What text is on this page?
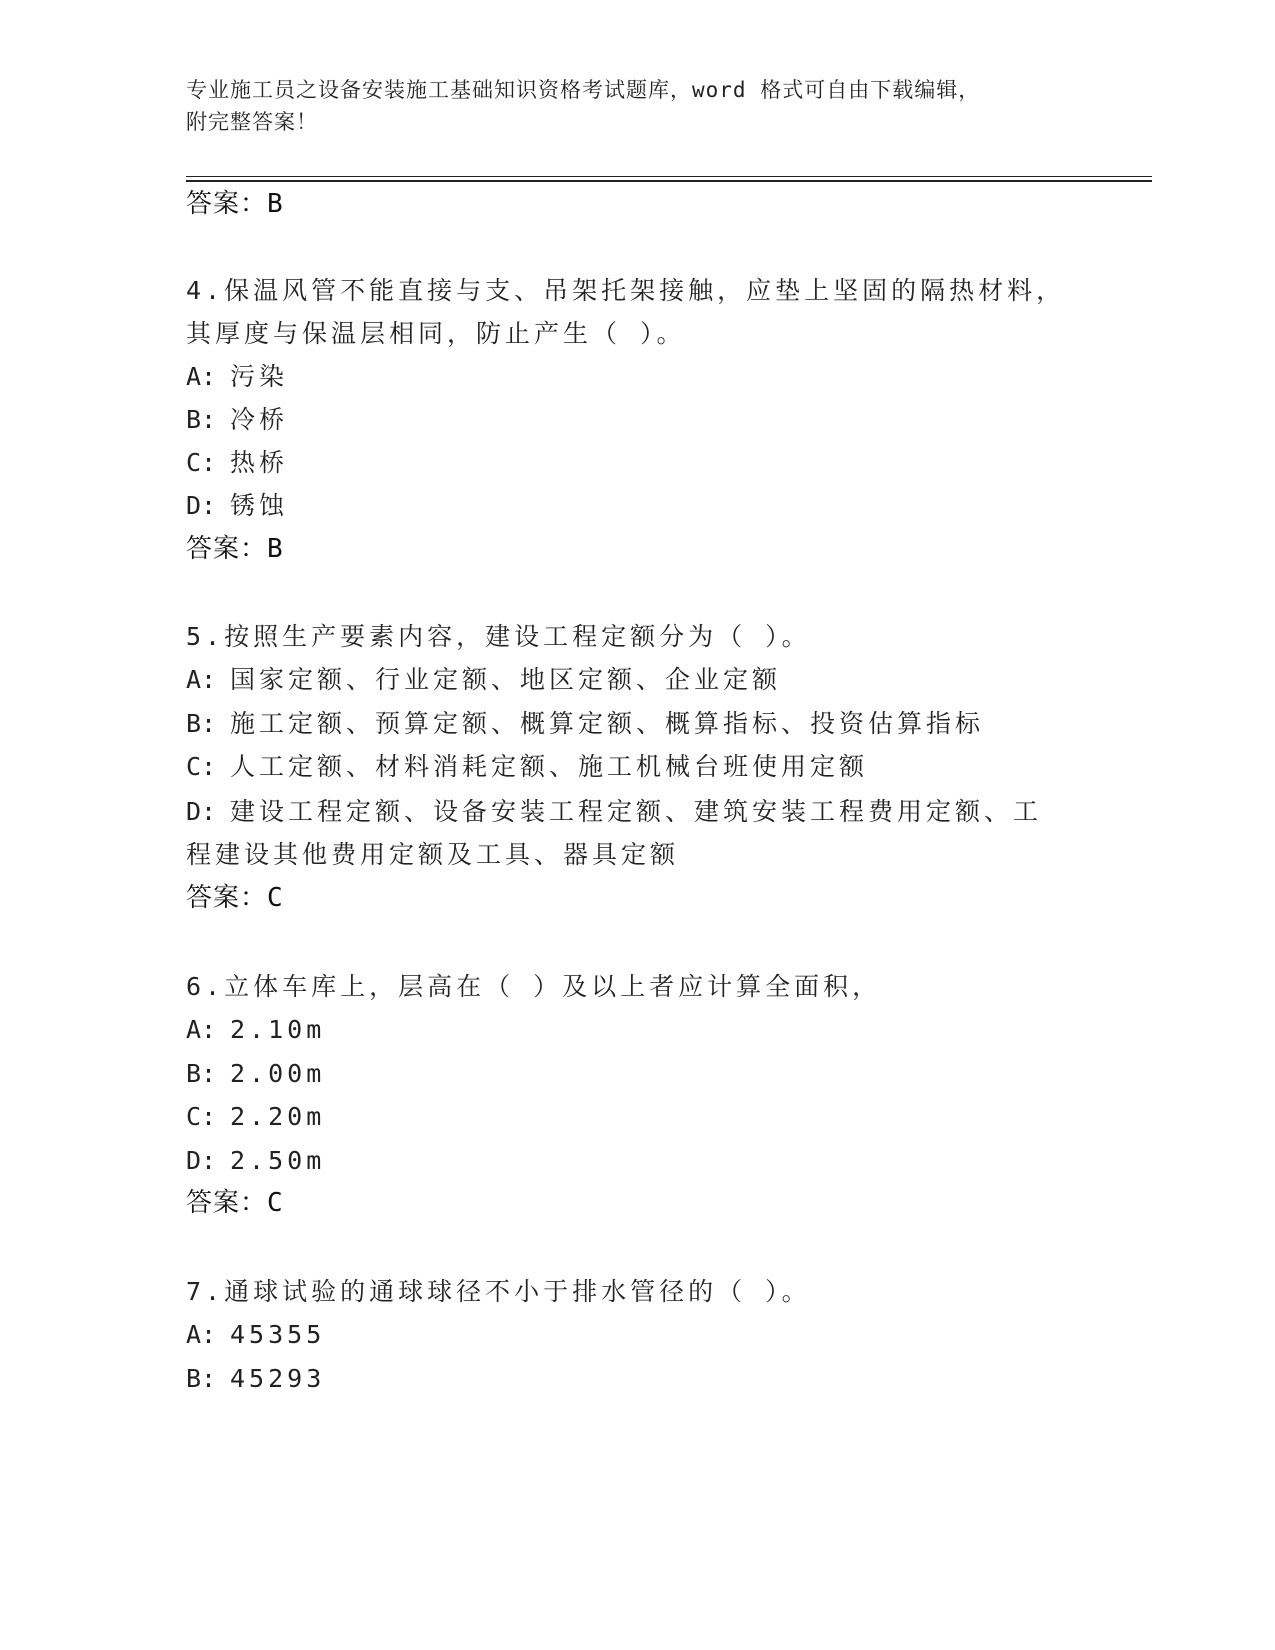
专业施工员之设备安装施工基础知识资格考试题库，word 格式可自由下载编辑，
附完整答案！
答案：B
4.保温风管不能直接与支、吊架托架接触，应垫上坚固的隔热材料，其厚度与保温层相同，防止产生（ ）。
A: 污染
B: 冷桥
C: 热桥
D: 锈蚀
答案：B
5.按照生产要素内容，建设工程定额分为（ ）。
A: 国家定额、行业定额、地区定额、企业定额
B: 施工定额、预算定额、概算定额、概算指标、投资估算指标
C: 人工定额、材料消耗定额、施工机械台班使用定额
D: 建设工程定额、设备安装工程定额、建筑安装工程费用定额、工程建设其他费用定额及工具、器具定额
答案：C
6.立体车库上，层高在（ ）及以上者应计算全面积，
A: 2.10m
B: 2.00m
C: 2.20m
D: 2.50m
答案：C
7.通球试验的通球球径不小于排水管径的（ ）。
A: 45355
B: 45293
